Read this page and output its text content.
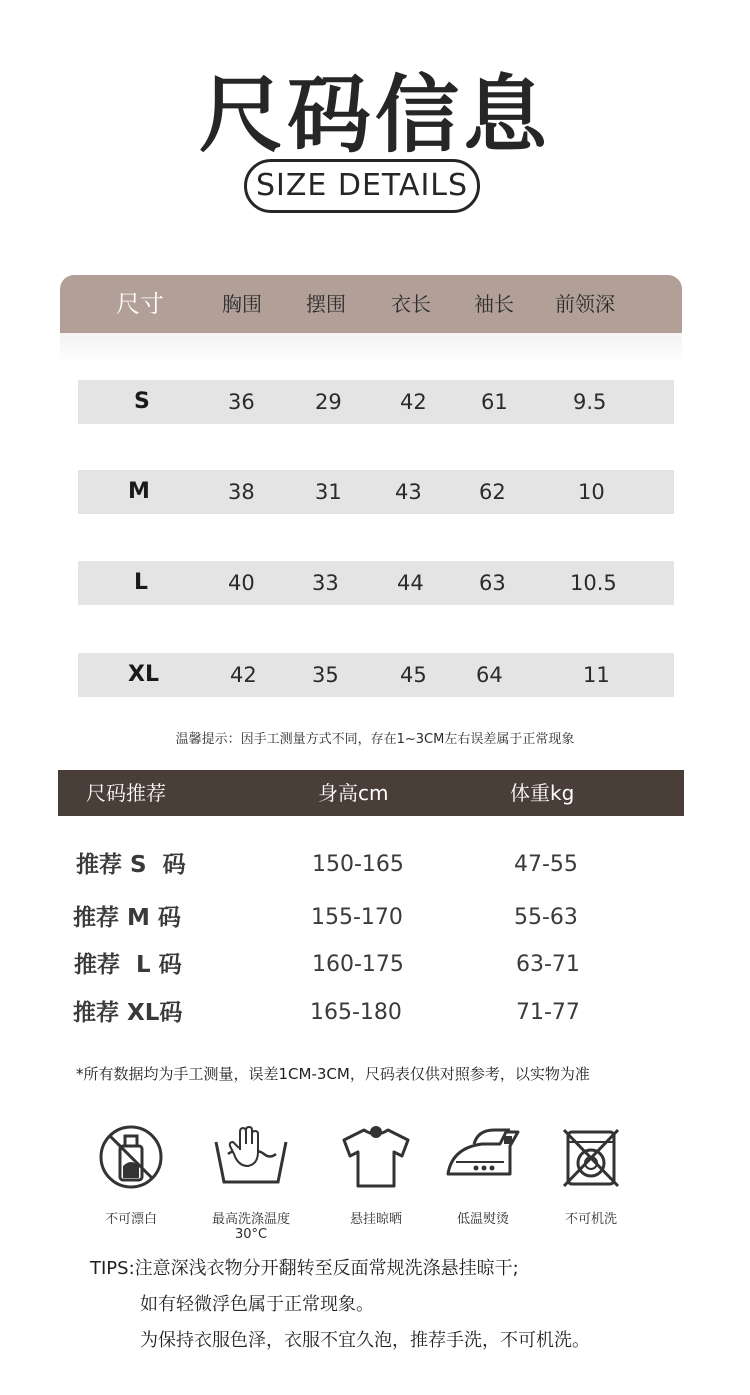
尺码信息
SIZE DETAILS
尺寸	胸围 摆围 衣长 袖长 前领深
S	36	29	42	61	9.5
M	38	31	43	62	10
L	40	33	44	63	10.5
XL	42	35	45 64	11
温馨提示：因手工测量方式不同，存在1~3CM左右误差属于正常现象
尺码推荐	身高cm	体重kg
推荐 S  码	150-165	47-55
推荐 M 码	155-170	55-63
推荐  L 码	160-175	63-71
推荐 XL码	165-180	71-77
*所有数据均为手工测量，误差1CM-3CM，尺码表仅供对照参考，以实物为准
不可漂白	最高洗涤温度30°C
悬挂晾晒	低温熨烫	不可机洗
TIPS:注意深浅衣物分开翻转至反面常规洗涤悬挂晾干;
如有轻微浮色属于正常现象。
为保持衣服色泽，衣服不宜久泡，推荐手洗，不可机洗。
